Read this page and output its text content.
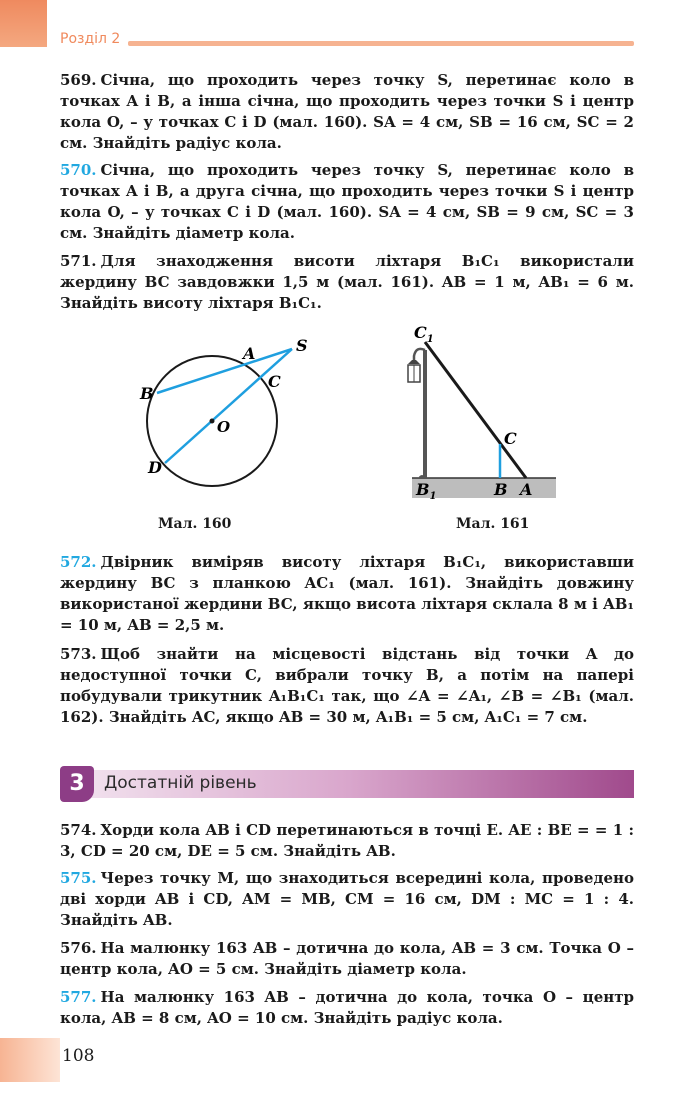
Розділ 2
569. Січна, що проходить через точку S, перетинає коло в точках A і B, а інша січна, що проходить через точки S і центр кола O, – у точках C і D (мал. 160). SA = 4 см, SB = 16 см, SC = 2 см. Знайдіть радіус кола.
570. Січна, що проходить через точку S, перетинає коло в точках A і B, а друга січна, що проходить через точки S і центр кола O, – у точках C і D (мал. 160). SA = 4 см, SB = 9 см, SC = 3 см. Знайдіть діаметр кола.
571. Для знаходження висоти ліхтаря B₁C₁ використали жердину BC завдовжки 1,5 м (мал. 161). AB = 1 м, AB₁ = 6 м. Знайдіть висоту ліхтаря B₁C₁.
S
A
B
C
O
D
Мал. 160
$C_1$
C
$B_1$	B A
Мал. 161
572. Двірник виміряв висоту ліхтаря B₁C₁, використавши жердину BC з планкою AC₁ (мал. 161). Знайдіть довжину використаної жердини BC, якщо висота ліхтаря склала 8 м і AB₁ = 10 м, AB = 2,5 м.
573. Щоб знайти на місцевості відстань від точки A до недоступної точки C, вибрали точку B, а потім на папері побудували трикутник A₁B₁C₁ так, що ∠A = ∠A₁, ∠B = ∠B₁ (мал. 162). Знайдіть AC, якщо AB = 30 м, A₁B₁ = 5 см, A₁C₁ = 7 см.
3	Достатній рівень
574. Хорди кола AB і CD перетинаються в точці E. AE : BE = = 1 : 3, CD = 20 см, DE = 5 см. Знайдіть AB.
575. Через точку M, що знаходиться всередині кола, проведено дві хорди AB і CD, AM = MB, CM = 16 см, DM : MC = 1 : 4. Знайдіть AB.
576. На малюнку 163 AB – дотична до кола, AB = 3 см. Точка O – центр кола, AO = 5 см. Знайдіть діаметр кола.
577. На малюнку 163 AB – дотична до кола, точка O – центр кола, AB = 8 см, AO = 10 см. Знайдіть радіус кола.
108
